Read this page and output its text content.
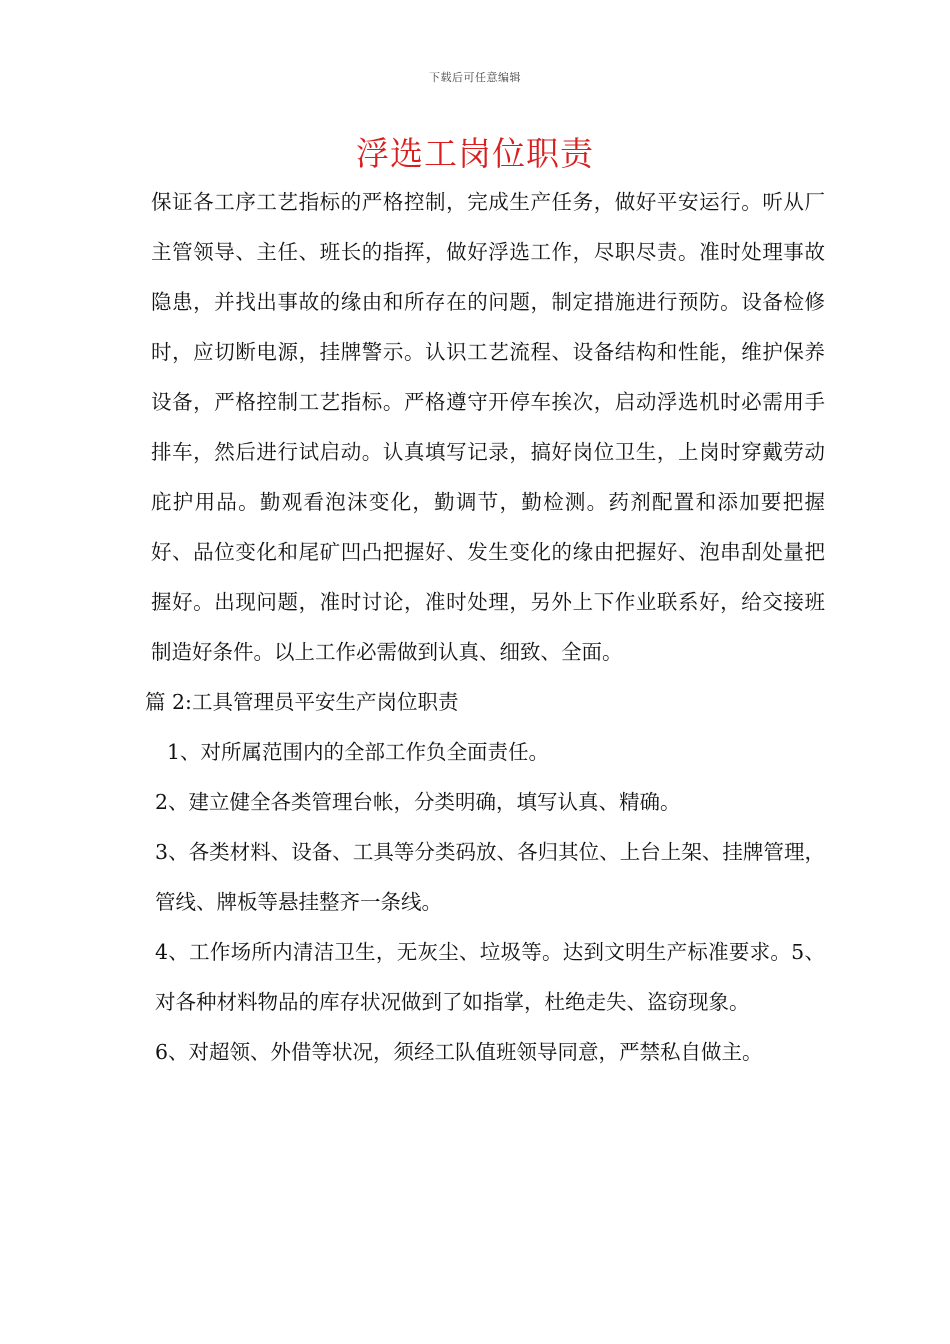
下载后可任意编辑
浮选工岗位职责

保证各工序工艺指标的严格控制，完成生产任务，做好平安运行。听从厂主管领导、主任、班长的指挥，做好浮选工作，尽职尽责。准时处理事故隐患，并找出事故的缘由和所存在的问题，制定措施进行预防。设备检修时，应切断电源，挂牌警示。认识工艺流程、设备结构和性能，维护保养设备，严格控制工艺指标。严格遵守开停车挨次，启动浮选机时必需用手排车，然后进行试启动。认真填写记录，搞好岗位卫生，上岗时穿戴劳动庇护用品。勤观看泡沫变化，勤调节，勤检测。药剂配置和添加要把握好、品位变化和尾矿凹凸把握好、发生变化的缘由把握好、泡串刮处量把握好。出现问题，准时讨论，准时处理，另外上下作业联系好，给交接班制造好条件。以上工作必需做到认真、细致、全面。

篇 2:工具管理员平安生产岗位职责

1、对所属范围内的全部工作负全面责任。

2、建立健全各类管理台帐，分类明确，填写认真、精确。

3、各类材料、设备、工具等分类码放、各归其位、上台上架、挂牌管理，管线、牌板等悬挂整齐一条线。

4、工作场所内清洁卫生，无灰尘、垃圾等。达到文明生产标准要求。5、对各种材料物品的库存状况做到了如指掌，杜绝走失、盗窃现象。

6、对超领、外借等状况，须经工队值班领导同意，严禁私自做主。
